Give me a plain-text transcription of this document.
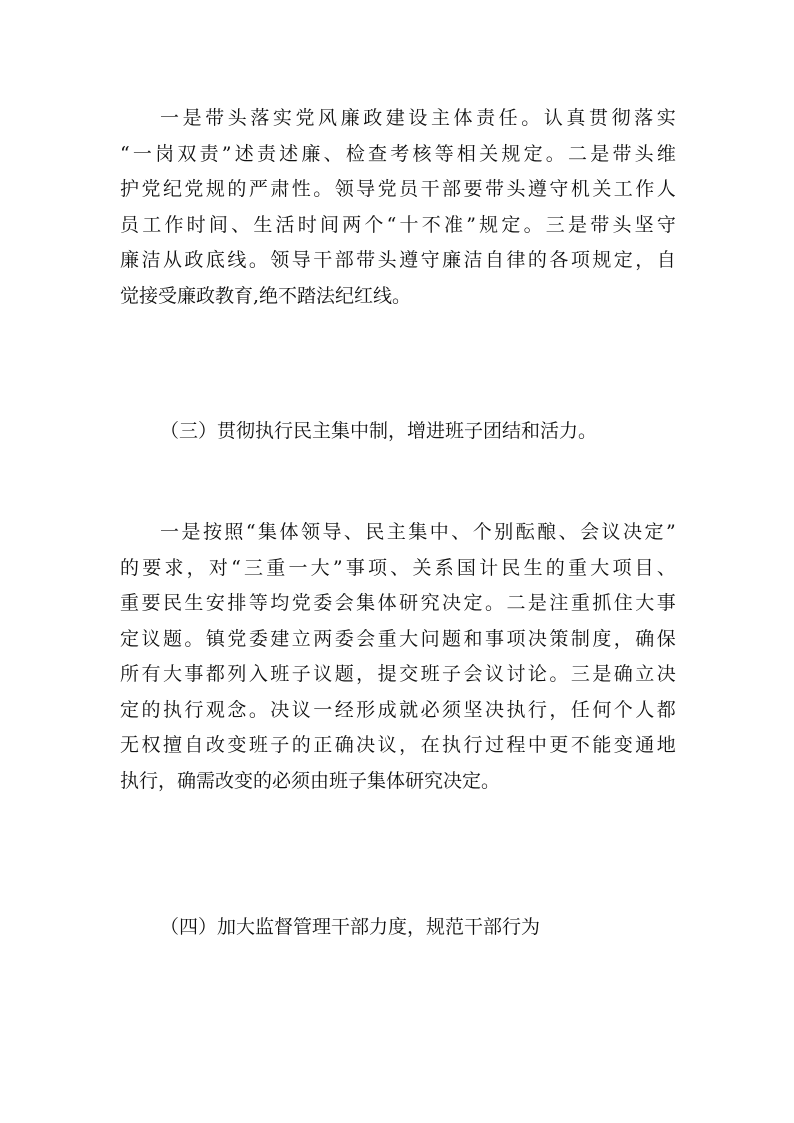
一 是 带 头 落 实 党 风 廉 政 建 设 主 体 责 任 。 认 真 贯 彻 落 实
“ 一 岗 双 责 ” 述 责 述 廉 、 检 查 考 核 等 相 关 规 定 。 二 是 带 头 维
护 党 纪 党 规 的 严 肃 性 。 领 导 党 员 干 部 要 带 头 遵 守 机 关 工 作 人
员 工 作 时 间 、 生 活 时 间 两 个 “ 十 不 准 ” 规 定 。 三 是 带 头 坚 守
廉 洁 从 政 底 线 。 领 导 干 部 带 头 遵 守 廉 洁 自 律 的 各 项 规 定 ， 自
觉接受廉政教育,绝不踏法纪红线。
（三）贯彻执行民主集中制，增进班子团结和活力。
一 是 按 照 “ 集 体 领 导 、 民 主 集 中 、 个 别 酝 酿 、 会 议 决 定 ”
的 要 求 ， 对 “ 三 重 一 大 ” 事 项 、 关 系 国 计 民 生 的 重 大 项 目 、
重 要 民 生 安 排 等 均 党 委 会 集 体 研 究 决 定 。 二 是 注 重 抓 住 大 事
定 议 题 。 镇 党 委 建 立 两 委 会 重 大 问 题 和 事 项 决 策 制 度 ， 确 保
所 有 大 事 都 列 入 班 子 议 题 ， 提 交 班 子 会 议 讨 论 。 三 是 确 立 决
定 的 执 行 观 念 。 决 议 一 经 形 成 就 必 须 坚 决 执 行 ， 任 何 个 人 都
无 权 擅 自 改 变 班 子 的 正 确 决 议 ， 在 执 行 过 程 中 更 不 能 变 通 地
执行，确需改变的必须由班子集体研究决定。
（四）加大监督管理干部力度，规范干部行为
